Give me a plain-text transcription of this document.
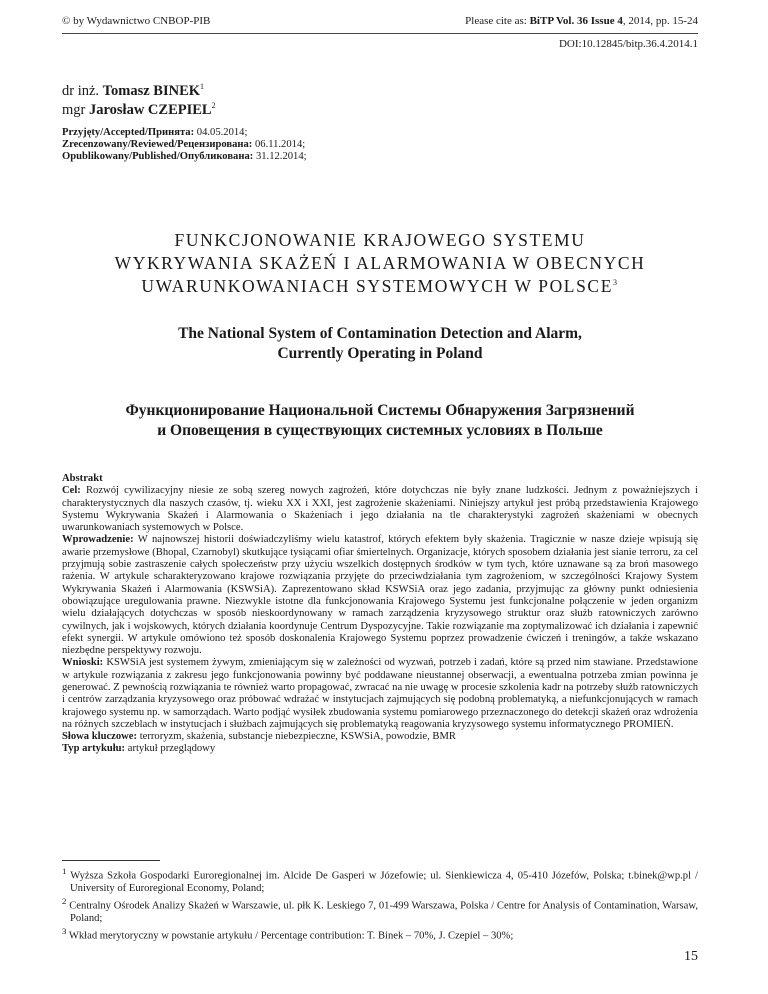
© by Wydawnictwo CNBOP-PIB	Please cite as: BiTP Vol. 36 Issue 4, 2014, pp. 15-24
DOI:10.12845/bitp.36.4.2014.1
dr inż. Tomasz BINEK$^1$
mgr Jarosław CZEPIEL$^2$
Przyjęty/Accepted/Принята: 04.05.2014;
Zrecenzowany/Reviewed/Рецензирована: 06.11.2014;
Opublikowany/Published/Опубликована: 31.12.2014;
FUNKCJONOWANIE KRAJOWEGO SYSTEMU
WYKRYWANIA SKAŻEŃ I ALARMOWANIA W OBECNYCH
UWARUNKOWANIACH SYSTEMOWYCH W POLSCE$^3$
The National System of Contamination Detection and Alarm,
Currently Operating in Poland
Функционирование Национальной Системы Обнаружения Загрязнений
и Оповещения в существующих системных условиях в Польше

Abstrakt

Cel: Rozwój cywilizacyjny niesie ze sobą szereg nowych zagrożeń, które dotychczas nie były znane ludzkości. Jednym z poważniejszych i charakterystycznych dla naszych czasów, tj. wieku XX i XXI, jest zagrożenie skażeniami. Niniejszy artykuł jest próbą przedstawienia Krajowego Systemu Wykrywania Skażeń i Alarmowania o Skażeniach i jego działania na tle charakterystyki zagrożeń skażeniami w obecnych uwarunkowaniach systemowych w Polsce.

Wprowadzenie: W najnowszej historii doświadczyliśmy wielu katastrof, których efektem były skażenia. Tragicznie w nasze dzieje wpisują się awarie przemysłowe (Bhopal, Czarnobyl) skutkujące tysiącami ofiar śmiertelnych. Organizacje, których sposobem działania jest sianie terroru, za cel przyjmują sobie zastraszenie całych społeczeństw przy użyciu wszelkich dostępnych środków w tym tych, które uznawane są za broń masowego rażenia. W artykule scharakteryzowano krajowe rozwiązania przyjęte do przeciwdziałania tym zagrożeniom, w szczególności Krajowy System Wykrywania Skażeń i Alarmowania (KSWSiA). Zaprezentowano skład KSWSiA oraz jego zadania, przyjmując za główny punkt odniesienia obowiązujące uregulowania prawne. Niezwykle istotne dla funkcjonowania Krajowego Systemu jest funkcjonalne połączenie w jeden organizm wielu działających dotychczas w sposób nieskoordynowany w ramach zarządzenia kryzysowego struktur oraz służb ratowniczych zarówno cywilnych, jak i wojskowych, których działania koordynuje Centrum Dyspozycyjne. Takie rozwiązanie ma zoptymalizować ich działania i zapewnić efekt synergii. W artykule omówiono też sposób doskonalenia Krajowego Systemu poprzez prowadzenie ćwiczeń i treningów, a także wskazano niezbędne perspektywy rozwoju.

Wnioski: KSWSiA jest systemem żywym, zmieniającym się w zależności od wyzwań, potrzeb i zadań, które są przed nim stawiane. Przedstawione w artykule rozwiązania z zakresu jego funkcjonowania powinny być poddawane nieustannej obserwacji, a ewentualna potrzeba zmian powinna je generować. Z pewnością rozwiązania te również warto propagować, zwracać na nie uwagę w procesie szkolenia kadr na potrzeby służb ratowniczych i centrów zarządzania kryzysowego oraz próbować wdrażać w instytucjach zajmujących się podobną problematyką, a niefunkcjonujących w ramach krajowego systemu np. w samorządach. Warto podjąć wysiłek zbudowania systemu pomiarowego przeznaczonego do detekcji skażeń oraz wdrożenia na różnych szczeblach w instytucjach i służbach zajmujących się problematyką reagowania kryzysowego systemu informatycznego PROMIEŃ.

Słowa kluczowe: terroryzm, skażenia, substancje niebezpieczne, KSWSiA, powodzie, BMR

Typ artykułu: artykuł przeglądowy

$^1$ Wyższa Szkoła Gospodarki Euroregionalnej im. Alcide De Gasperi w Józefowie; ul. Sienkiewicza 4, 05-410 Józefów, Polska; t.binek@wp.pl / University of Euroregional Economy, Poland;

$^2$ Centralny Ośrodek Analizy Skażeń w Warszawie, ul. płk K. Leskiego 7, 01-499 Warszawa, Polska / Centre for Analysis of Contamination, Warsaw, Poland;

$^3$ Wkład merytoryczny w powstanie artykułu / Percentage contribution: T. Binek – 70%, J. Czepiel – 30%;

15
